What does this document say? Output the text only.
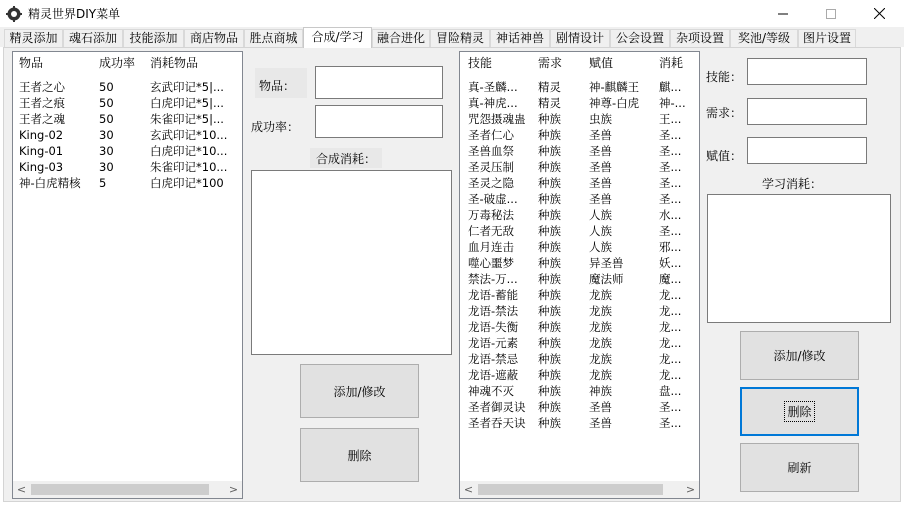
精灵世界DIY菜单
精灵添加 魂石添加	技能添加	商店物品 胜点商城	合成/学习	融合进化 冒险精灵 神话神兽 剧情设计 公会设置 杂项设置	奖池/等级	图片设置
物品	成功率 消耗物品
王者之心	50	玄武印记*5|...
王者之痕	50	白虎印记*5|...
王者之魂	50	朱雀印记*5|...
King-02	30	玄武印记*10...
King-01	30	白虎印记*10...
King-03	30	朱雀印记*10...
神-白虎精核	5	白虎印记*100
<	>
物品：
成功率：
合成消耗：
添加/修改
删除
技能	需求 赋值	消耗
真-圣麟...	精灵	神-麒麟王	麒...
真-神虎...	精灵	神尊-白虎	神-...
咒怨摄魂蛊	种族	虫族	王...
圣者仁心	种族	圣兽	圣...
圣兽血祭	种族	圣兽	圣...
圣灵压制	种族	圣兽	圣...
圣灵之隐	种族	圣兽	圣...
圣-破虚...	种族	圣兽	圣...
万毒秘法	种族	人族	水...
仁者无敌	种族	人族	圣...
血月连击	种族	人族	邪...
噬心噩梦	种族	异圣兽	妖...
禁法-万...	种族	魔法师	魔...
龙语-蓄能	种族	龙族	龙...
龙语-禁法	种族	龙族	龙...
龙语-失衡	种族	龙族	龙...
龙语-元素	种族	龙族	龙...
龙语-禁忌	种族	龙族	龙...
龙语-遮蔽	种族	龙族	龙...
神魂不灭	种族	神族	盘...
圣者御灵诀	种族	圣兽	圣...
圣者吞天诀	种族	圣兽	圣...
<	>
技能：
需求：
赋值：
学习消耗：
添加/修改
删除
刷新
